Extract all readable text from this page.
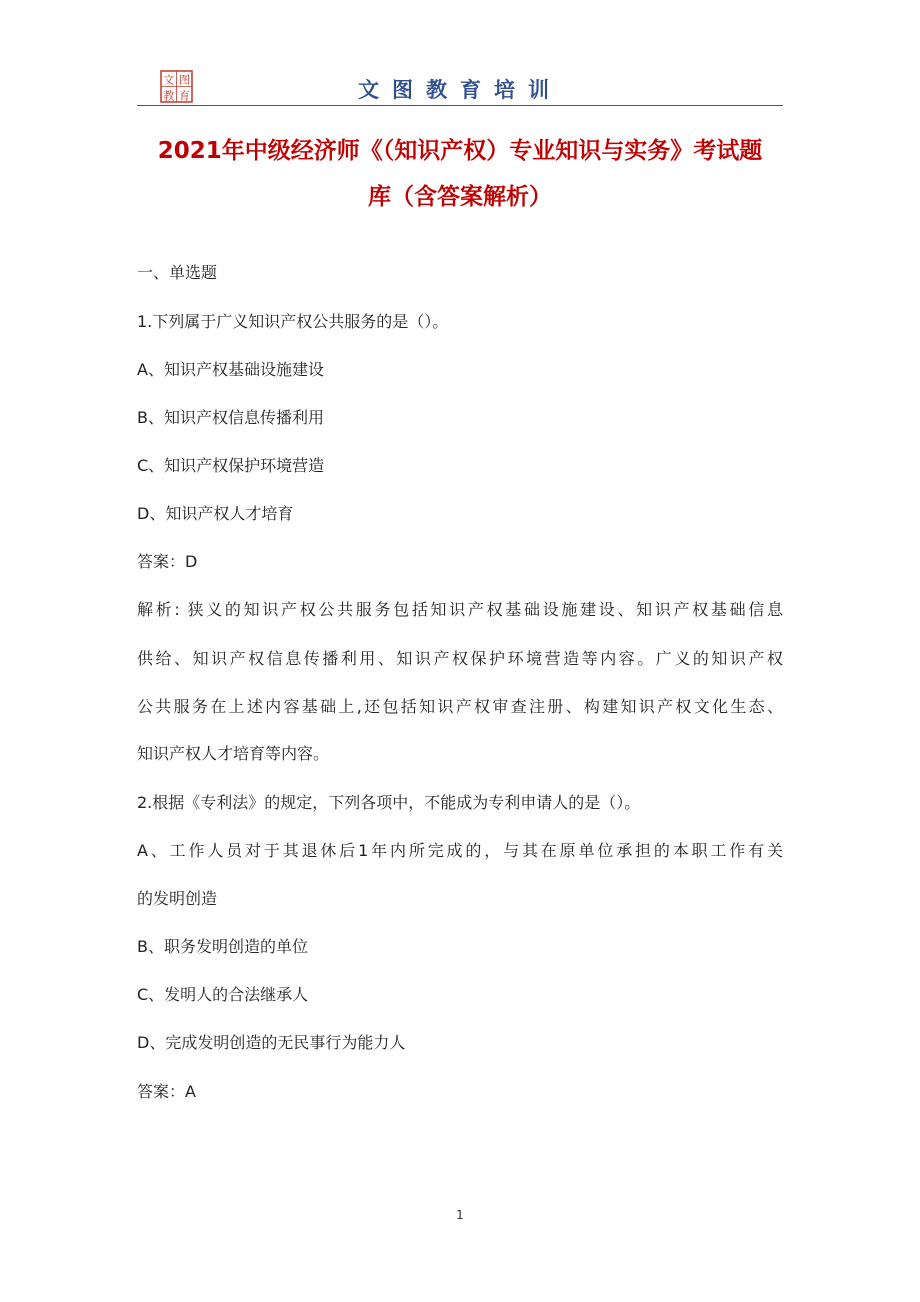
文 图
教 育	文图教育培训
2021年中级经济师《（知识产权）专业知识与实务》考试题
库（含答案解析）
一、单选题
1.下列属于广义知识产权公共服务的是（）。
A、知识产权基础设施建设
B、知识产权信息传播利用
C、知识产权保护环境营造
D、知识产权人才培育
答案：D
解析: 狭义的知识产权公共服务包括知识产权基础设施建设、知识产权基础信息
供给、知识产权信息传播利用、知识产权保护环境营造等内容。广义的知识产权
公共服务在上述内容基础上,还包括知识产权审查注册、构建知识产权文化生态、
知识产权人才培育等内容。
2.根据《专利法》的规定，下列各项中，不能成为专利申请人的是（）。
A、工作人员对于其退休后1年内所完成的，与其在原单位承担的本职工作有关
的发明创造
B、职务发明创造的单位
C、发明人的合法继承人
D、完成发明创造的无民事行为能力人
答案：A
1
